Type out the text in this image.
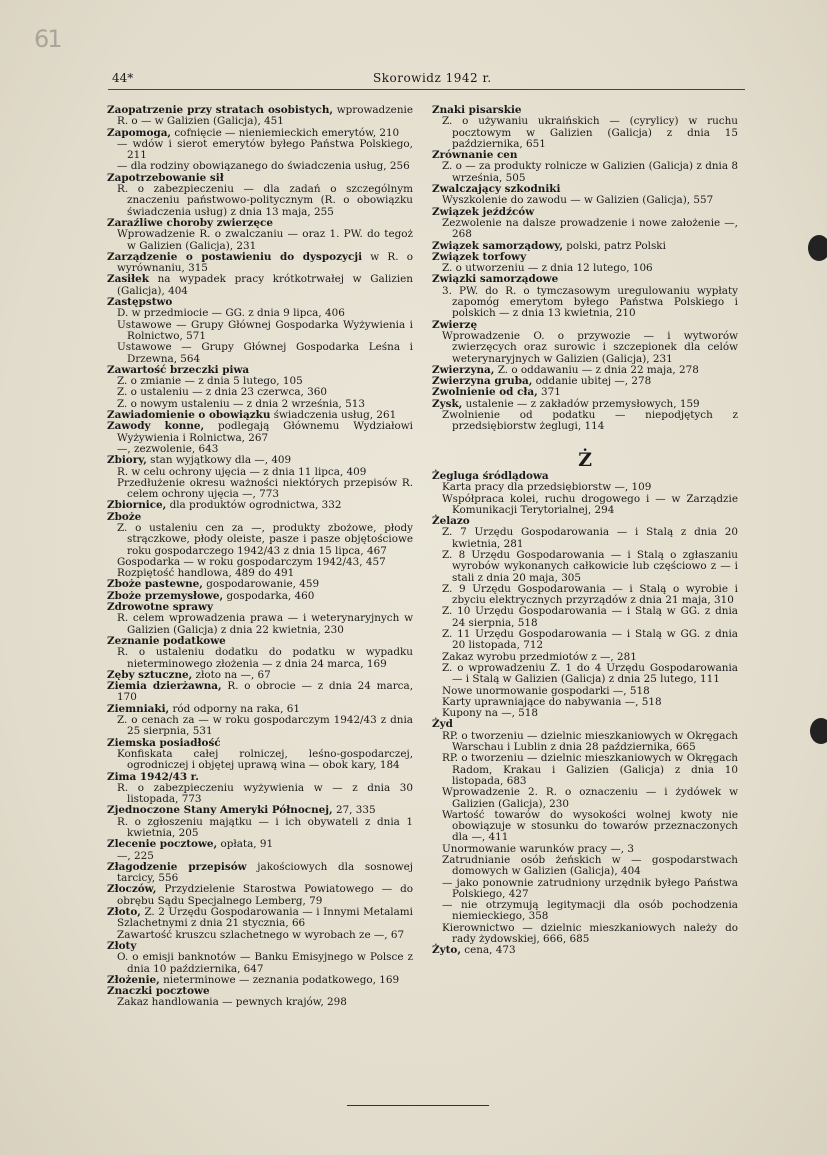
61
44*	Skorowidz 1942 r.

Zaopatrzenie przy stratach osobistych, wprowadzenie R. o — w Galizien (Galicja), 451

Zapomoga, cofnięcie — nieniemieckich emerytów, 210

— wdów i sierot emerytów byłego Państwa Polskiego, 211

— dla rodziny obowiązanego do świadczenia usług, 256

Zapotrzebowanie sił

R. o zabezpieczeniu — dla zadań o szczególnym znaczeniu państwowo-politycznym (R. o obowiązku świadczenia usług) z dnia 13 maja, 255

Zaraźliwe choroby zwierzęce

Wprowadzenie R. o zwalczaniu — oraz 1. PW. do tegoż w Galizien (Galicja), 231

Zarządzenie o postawieniu do dyspozycji w R. o wyrównaniu, 315

Zasiłek na wypadek pracy krótkotrwałej w Galizien (Galicja), 404

Zastępstwo

D. w przedmiocie — GG. z dnia 9 lipca, 406

Ustawowe — Grupy Głównej Gospodarka Wyżywienia i Rolnictwo, 571

Ustawowe — Grupy Głównej Gospodarka Leśna i Drzewna, 564

Zawartość brzeczki piwa

Z. o zmianie — z dnia 5 lutego, 105

Z. o ustaleniu — z dnia 23 czerwca, 360

Z. o nowym ustaleniu — z dnia 2 września, 513

Zawiadomienie o obowiązku świadczenia usług, 261

Zawody konne, podlegają Głównemu Wydziałowi Wyżywienia i Rolnictwa, 267

—, zezwolenie, 643

Zbiory, stan wyjątkowy dla —, 409

R. w celu ochrony ujęcia — z dnia 11 lipca, 409

Przedłużenie okresu ważności niektórych przepisów R. celem ochrony ujęcia —, 773

Zbiornice, dla produktów ogrodnictwa, 332

Zboże

Z. o ustaleniu cen za —, produkty zbożowe, płody strączkowe, płody oleiste, pasze i pasze objętościowe roku gospodarczego 1942/43 z dnia 15 lipca, 467

Gospodarka — w roku gospodarczym 1942/43, 457

Rozpiętość handlowa, 489 do 491

Zboże pastewne, gospodarowanie, 459

Zboże przemysłowe, gospodarka, 460

Zdrowotne sprawy

R. celem wprowadzenia prawa — i weterynaryjnych w Galizien (Galicja) z dnia 22 kwietnia, 230

Zeznanie podatkowe

R. o ustaleniu dodatku do podatku w wypadku nieterminowego złożenia — z dnia 24 marca, 169

Zęby sztuczne, złoto na —, 67

Ziemia dzierżawna, R. o obrocie — z dnia 24 marca, 170

Ziemniaki, ród odporny na raka, 61

Z. o cenach za — w roku gospodarczym 1942/43 z dnia 25 sierpnia, 531

Ziemska posiadłość

Konfiskata całej rolniczej, leśno-gospodarczej, ogrodniczej i objętej uprawą wina — obok kary, 184

Zima 1942/43 r.

R. o zabezpieczeniu wyżywienia w — z dnia 30 listopada, 773

Zjednoczone Stany Ameryki Północnej, 27, 335

R. o zgłoszeniu majątku — i ich obywateli z dnia 1 kwietnia, 205

Zlecenie pocztowe, opłata, 91

—, 225

Złagodzenie przepisów jakościowych dla sosnowej tarcicy, 556

Złoczów, Przydzielenie Starostwa Powiatowego — do obrębu Sądu Specjalnego Lemberg, 79

Złoto, Z. 2 Urzędu Gospodarowania — i Innymi Metalami Szlachetnymi z dnia 21 stycznia, 66

Zawartość kruszcu szlachetnego w wyrobach ze —, 67

Złoty

O. o emisji banknotów — Banku Emisyjnego w Polsce z dnia 10 października, 647

Złożenie, nieterminowe — zeznania podatkowego, 169

Znaczki pocztowe

Zakaz handlowania — pewnych krajów, 298

Znaki pisarskie

Z. o używaniu ukraińskich — (cyrylicy) w ruchu pocztowym w Galizien (Galicja) z dnia 15 października, 651

Zrównanie cen

Z. o — za produkty rolnicze w Galizien (Galicja) z dnia 8 września, 505

Zwalczający szkodniki

Wyszkolenie do zawodu — w Galizien (Galicja), 557

Związek jeźdźców

Zezwolenie na dalsze prowadzenie i nowe założenie —, 268

Związek samorządowy, polski, patrz Polski

Związek torfowy

Z. o utworzeniu — z dnia 12 lutego, 106

Związki samorządowe

3. PW. do R. o tymczasowym uregulowaniu wypłaty zapomóg emerytom byłego Państwa Polskiego i polskich — z dnia 13 kwietnia, 210

Zwierzę

Wprowadzenie O. o przywozie — i wytworów zwierzęcych oraz surowic i szczepionek dla celów weterynaryjnych w Galizien (Galicja), 231

Zwierzyna, Z. o oddawaniu — z dnia 22 maja, 278

Zwierzyna gruba, oddanie ubitej —, 278

Zwolnienie od cła, 371

Zysk, ustalenie — z zakładów przemysłowych, 159

Zwolnienie od podatku — niepodjętych z przedsiębiorstw żeglugi, 114

Ż

Żegluga śródlądowa

Karta pracy dla przedsiębiorstw —, 109

Współpraca kolei, ruchu drogowego i — w Zarządzie Komunikacji Terytorialnej, 294

Żelazo

Z. 7 Urzędu Gospodarowania — i Stalą z dnia 20 kwietnia, 281

Z. 8 Urzędu Gospodarowania — i Stalą o zgłaszaniu wyrobów wykonanych całkowicie lub częściowo z — i stali z dnia 20 maja, 305

Z. 9 Urzędu Gospodarowania — i Stalą o wyrobie i zbyciu elektrycznych przyrządów z dnia 21 maja, 310

Z. 10 Urzędu Gospodarowania — i Stalą w GG. z dnia 24 sierpnia, 518

Z. 11 Urzędu Gospodarowania — i Stalą w GG. z dnia 20 listopada, 712

Zakaz wyrobu przedmiotów z —, 281

Z. o wprowadzeniu Z. 1 do 4 Urzędu Gospodarowania — i Stalą w Galizien (Galicja) z dnia 25 lutego, 111

Nowe unormowanie gospodarki —, 518

Karty uprawniające do nabywania —, 518

Kupony na —, 518

Żyd

RP. o tworzeniu — dzielnic mieszkaniowych w Okręgach Warschau i Lublin z dnia 28 października, 665

RP. o tworzeniu — dzielnic mieszkaniowych w Okręgach Radom, Krakau i Galizien (Galicja) z dnia 10 listopada, 683

Wprowadzenie 2. R. o oznaczeniu — i żydówek w Galizien (Galicja), 230

Wartość towarów do wysokości wolnej kwoty nie obowiązuje w stosunku do towarów przeznaczonych dla —, 411

Unormowanie warunków pracy —, 3

Zatrudnianie osób żeńskich w — gospodarstwach domowych w Galizien (Galicja), 404

— jako ponownie zatrudniony urzędnik byłego Państwa Polskiego, 427

— nie otrzymują legitymacji dla osób pochodzenia niemieckiego, 358

Kierownictwo — dzielnic mieszkaniowych należy do rady żydowskiej, 666, 685

Żyto, cena, 473
